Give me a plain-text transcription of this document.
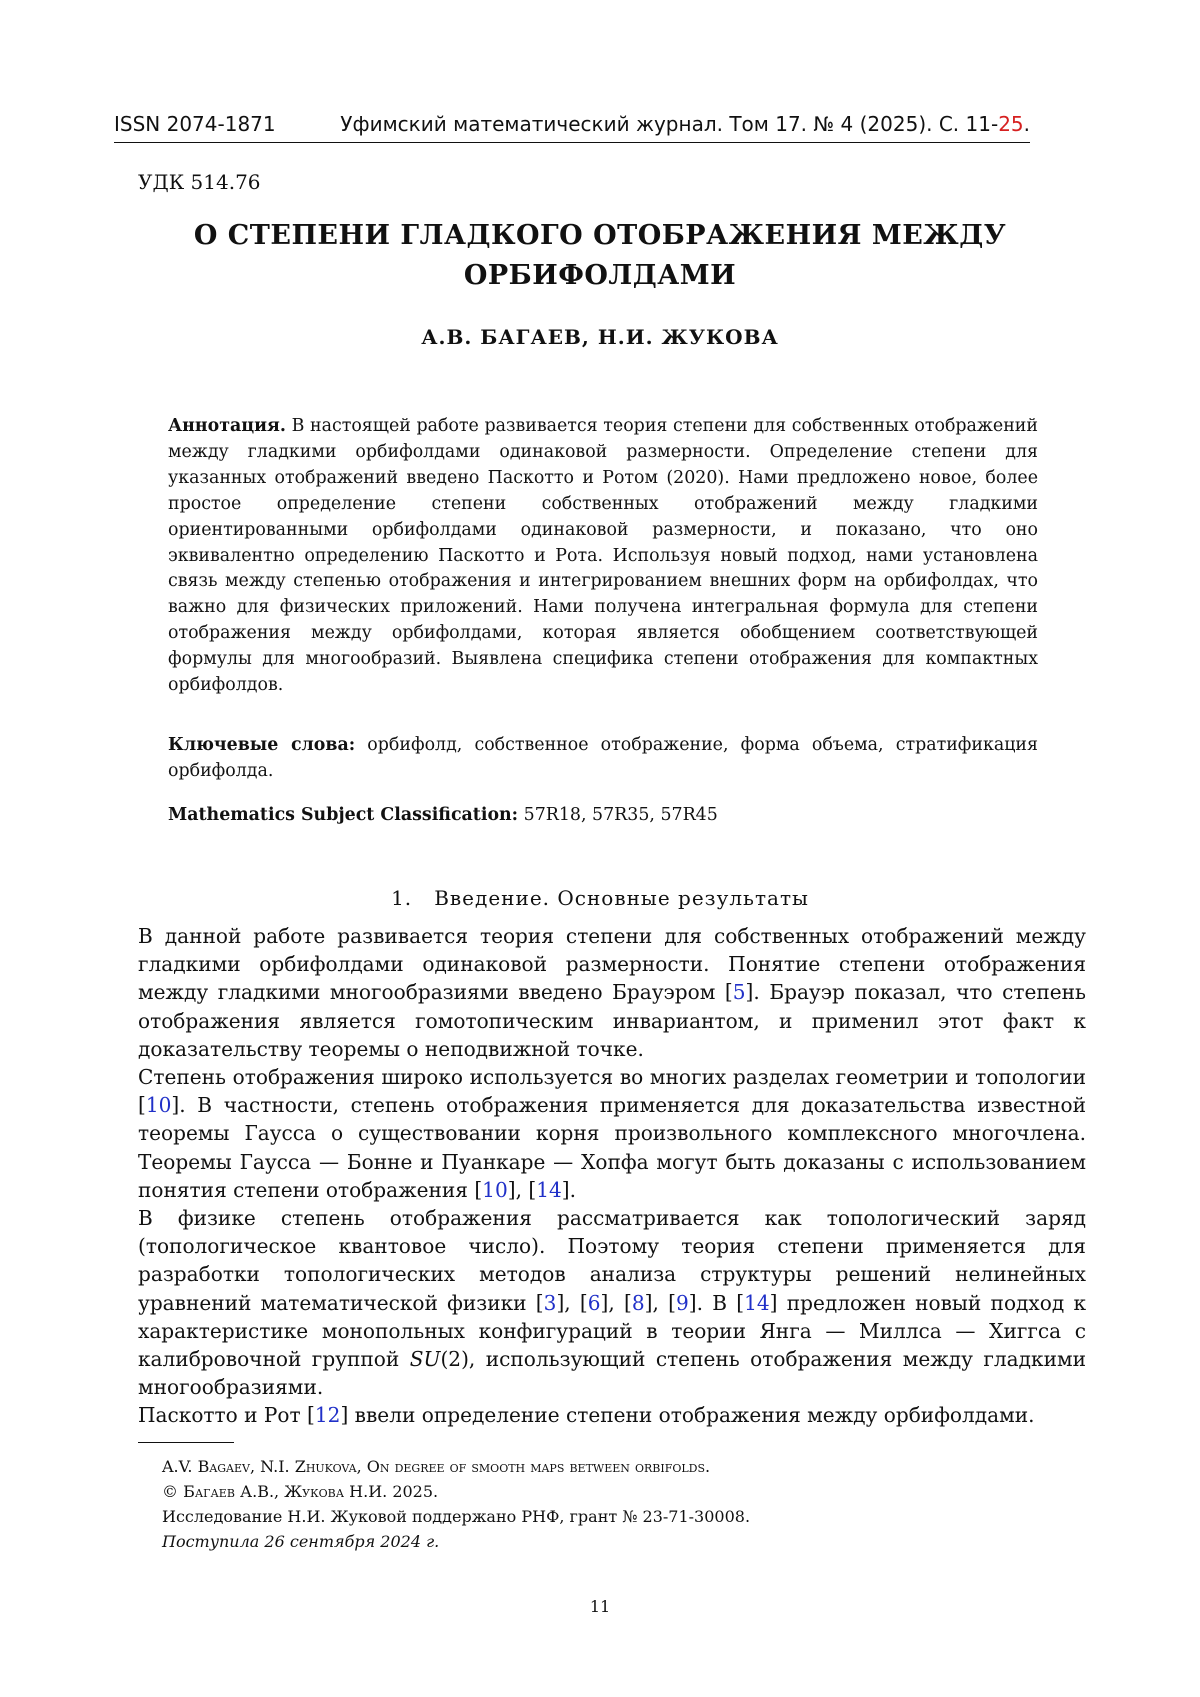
ISSN 2074-1871	Уфимский математический журнал. Том 17. № 4 (2025). С. 11-25.
УДК 514.76
О СТЕПЕНИ ГЛАДКОГО ОТОБРАЖЕНИЯ МЕЖДУ
ОРБИФОЛДАМИ
А.В. БАГАЕВ, Н.И. ЖУКОВА
Аннотация. В настоящей работе развивается теория степени для собственных отображений между гладкими орбифолдами одинаковой размерности. Определение степени для указанных отображений введено Паскотто и Ротом (2020). Нами предложено новое, более простое определение степени собственных отображений между гладкими ориентированными орбифолдами одинаковой размерности, и показано, что оно эквивалентно определению Паскотто и Рота. Используя новый подход, нами установлена связь между степенью отображения и интегрированием внешних форм на орбифолдах, что важно для физических приложений. Нами получена интегральная формула для степени отображения между орбифолдами, которая является обобщением соответствующей формулы для многообразий. Выявлена специфика степени отображения для компактных орбифолдов.
Ключевые слова: орбифолд, собственное отображение, форма объема, стратификация орбифолда.
Mathematics Subject Classification: 57R18, 57R35, 57R45
1.   Введение. Основные результаты

В данной работе развивается теория степени для собственных отображений между гладкими орбифолдами одинаковой размерности. Понятие степени отображения между гладкими многообразиями введено Брауэром [5]. Брауэр показал, что степень отображения является гомотопическим инвариантом, и применил этот факт к доказательству теоремы о неподвижной точке.

Степень отображения широко используется во многих разделах геометрии и топологии [10]. В частности, степень отображения применяется для доказательства известной теоремы Гаусса о существовании корня произвольного комплексного многочлена. Теоремы Гаусса — Бонне и Пуанкаре — Хопфа могут быть доказаны с использованием понятия степени отображения [10], [14].

В физике степень отображения рассматривается как топологический заряд (топологическое квантовое число). Поэтому теория степени применяется для разработки топологических методов анализа структуры решений нелинейных уравнений математической физики [3], [6], [8], [9]. В [14] предложен новый подход к характеристике монопольных конфигураций в теории Янга — Миллса — Хиггса с калибровочной группой SU(2), использующий степень отображения между гладкими многообразиями.

Паскотто и Рот [12] ввели определение степени отображения между орбифолдами.

A.V. Bagaev, N.I. Zhukova, On degree of smooth maps between orbifolds.
© Багаев А.В., Жукова Н.И. 2025.
Исследование Н.И. Жуковой поддержано РНФ, грант № 23-71-30008.
Поступила 26 сентября 2024 г.
11
